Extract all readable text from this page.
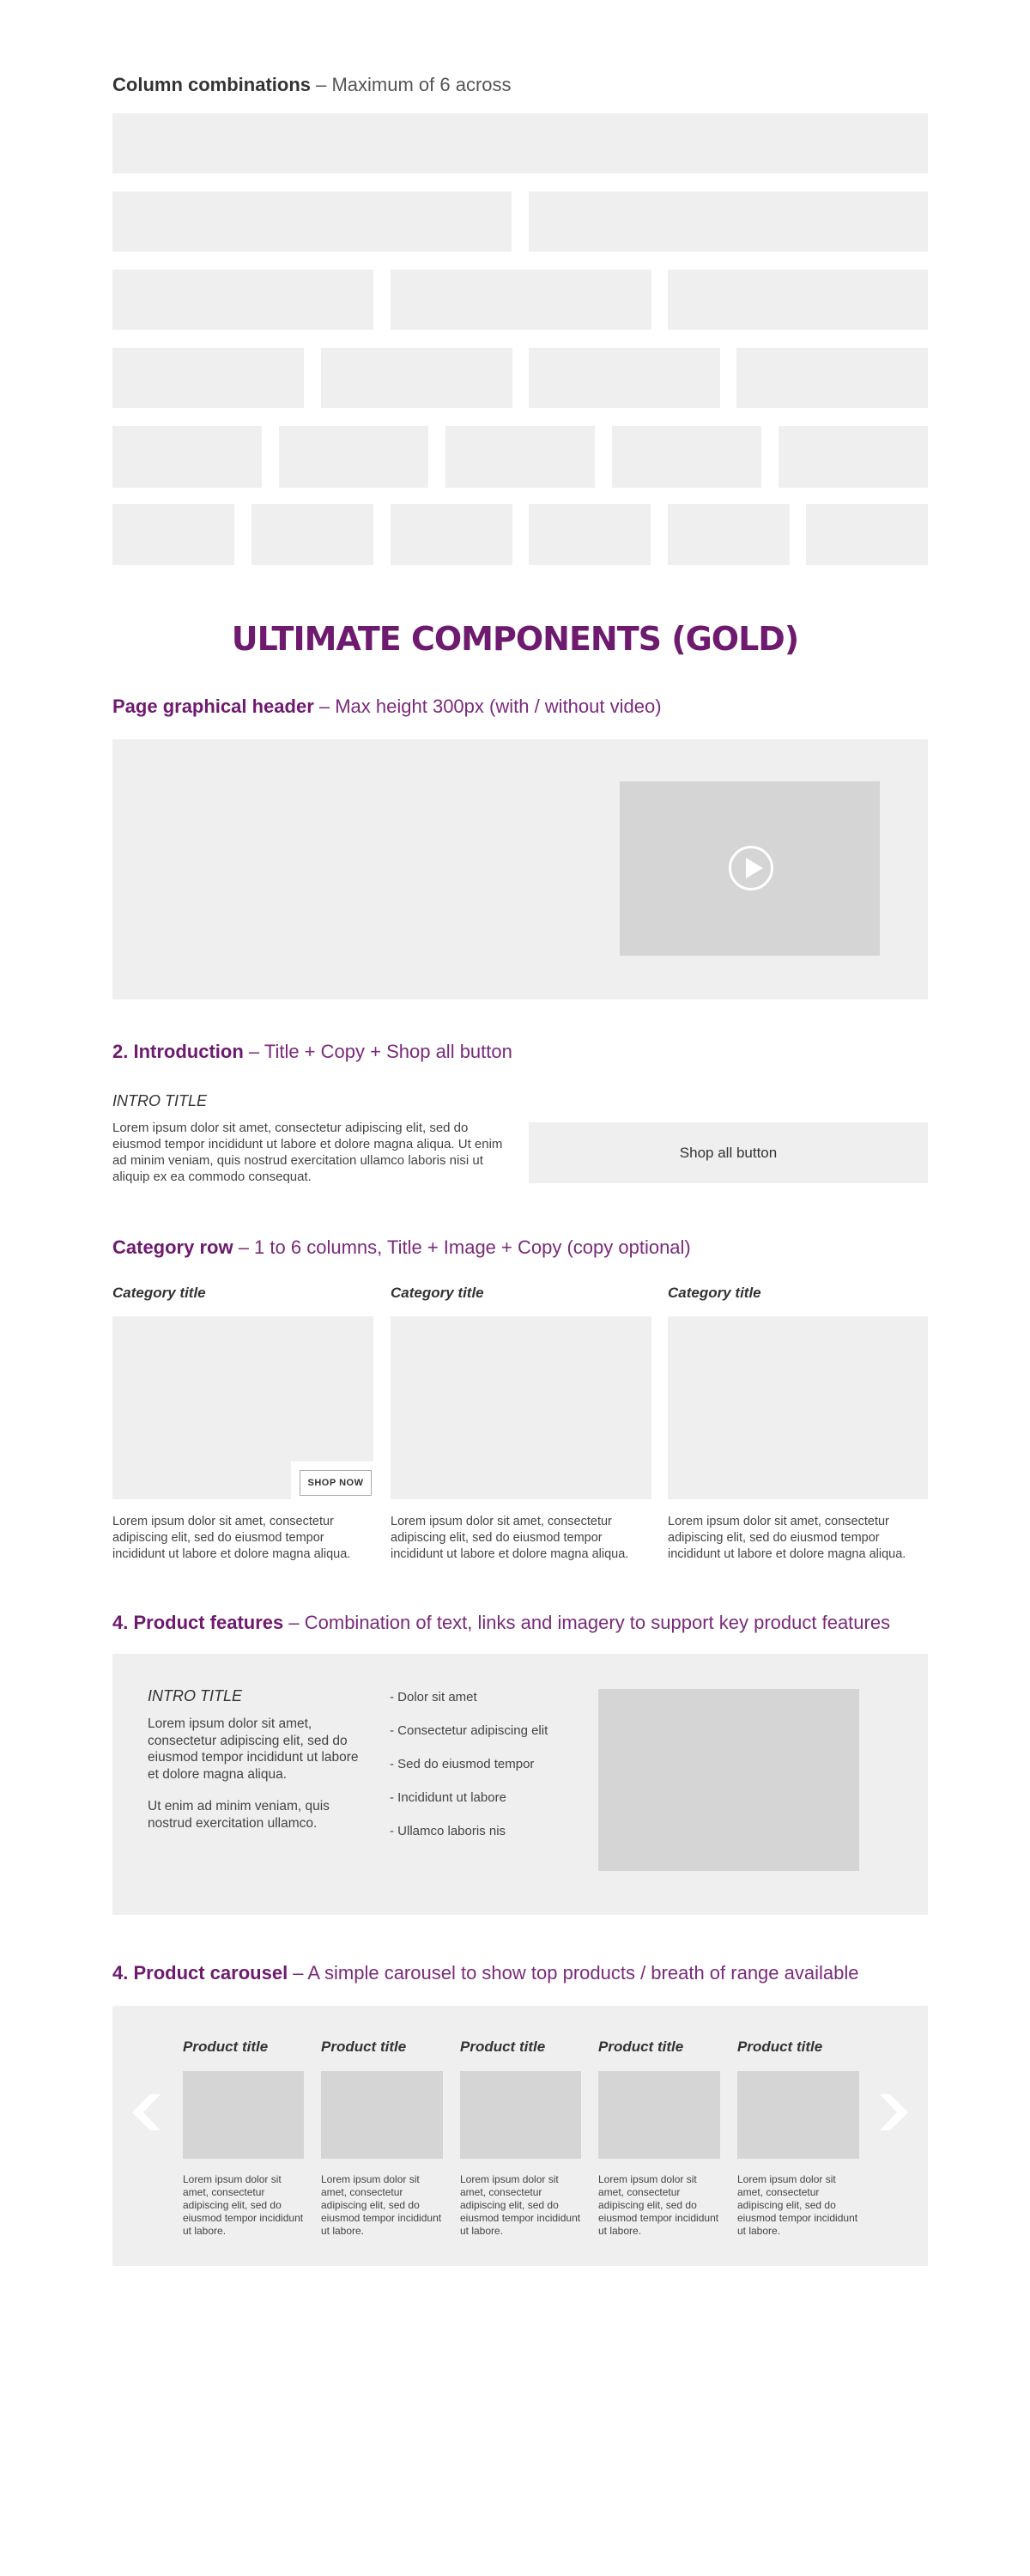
Column combinations – Maximum of 6 across
ULTIMATE COMPONENTS (GOLD)
Page graphical header – Max height 300px (with / without video)
2. Introduction – Title + Copy + Shop all button
INTRO TITLE
Lorem ipsum dolor sit amet, consectetur adipiscing elit, sed do eiusmod tempor incididunt ut labore et dolore magna aliqua. Ut enim ad minim veniam, quis nostrud exercitation ullamco laboris nisi ut aliquip ex ea commodo consequat.
Shop all button
Category row – 1 to 6 columns, Title + Image + Copy (copy optional)
Category title	Category title	Category title
SHOP NOW
Lorem ipsum dolor sit amet, consectetur adipiscing elit, sed do eiusmod tempor incididunt ut labore et dolore magna aliqua.
Lorem ipsum dolor sit amet, consectetur adipiscing elit, sed do eiusmod tempor incididunt ut labore et dolore magna aliqua.
Lorem ipsum dolor sit amet, consectetur adipiscing elit, sed do eiusmod tempor incididunt ut labore et dolore magna aliqua.
4. Product features – Combination of text, links and imagery to support key product features
INTRO TITLE
Lorem ipsum dolor sit amet, consectetur adipiscing elit, sed do eiusmod tempor incididunt ut labore et dolore magna aliqua.
Ut enim ad minim veniam, quis nostrud exercitation ullamco.
- Dolor sit amet
- Consectetur adipiscing elit
- Sed do eiusmod tempor
- Incididunt ut labore
- Ullamco laboris nis
4. Product carousel – A simple carousel to show top products / breath of range available
Product title	Product title	Product title	Product title	Product title
Lorem ipsum dolor sit amet, consectetur adipiscing elit, sed do eiusmod tempor incididunt ut labore.
Lorem ipsum dolor sit amet, consectetur adipiscing elit, sed do eiusmod tempor incididunt ut labore.
Lorem ipsum dolor sit amet, consectetur adipiscing elit, sed do eiusmod tempor incididunt ut labore.
Lorem ipsum dolor sit amet, consectetur adipiscing elit, sed do eiusmod tempor incididunt ut labore.
Lorem ipsum dolor sit amet, consectetur adipiscing elit, sed do eiusmod tempor incididunt ut labore.
